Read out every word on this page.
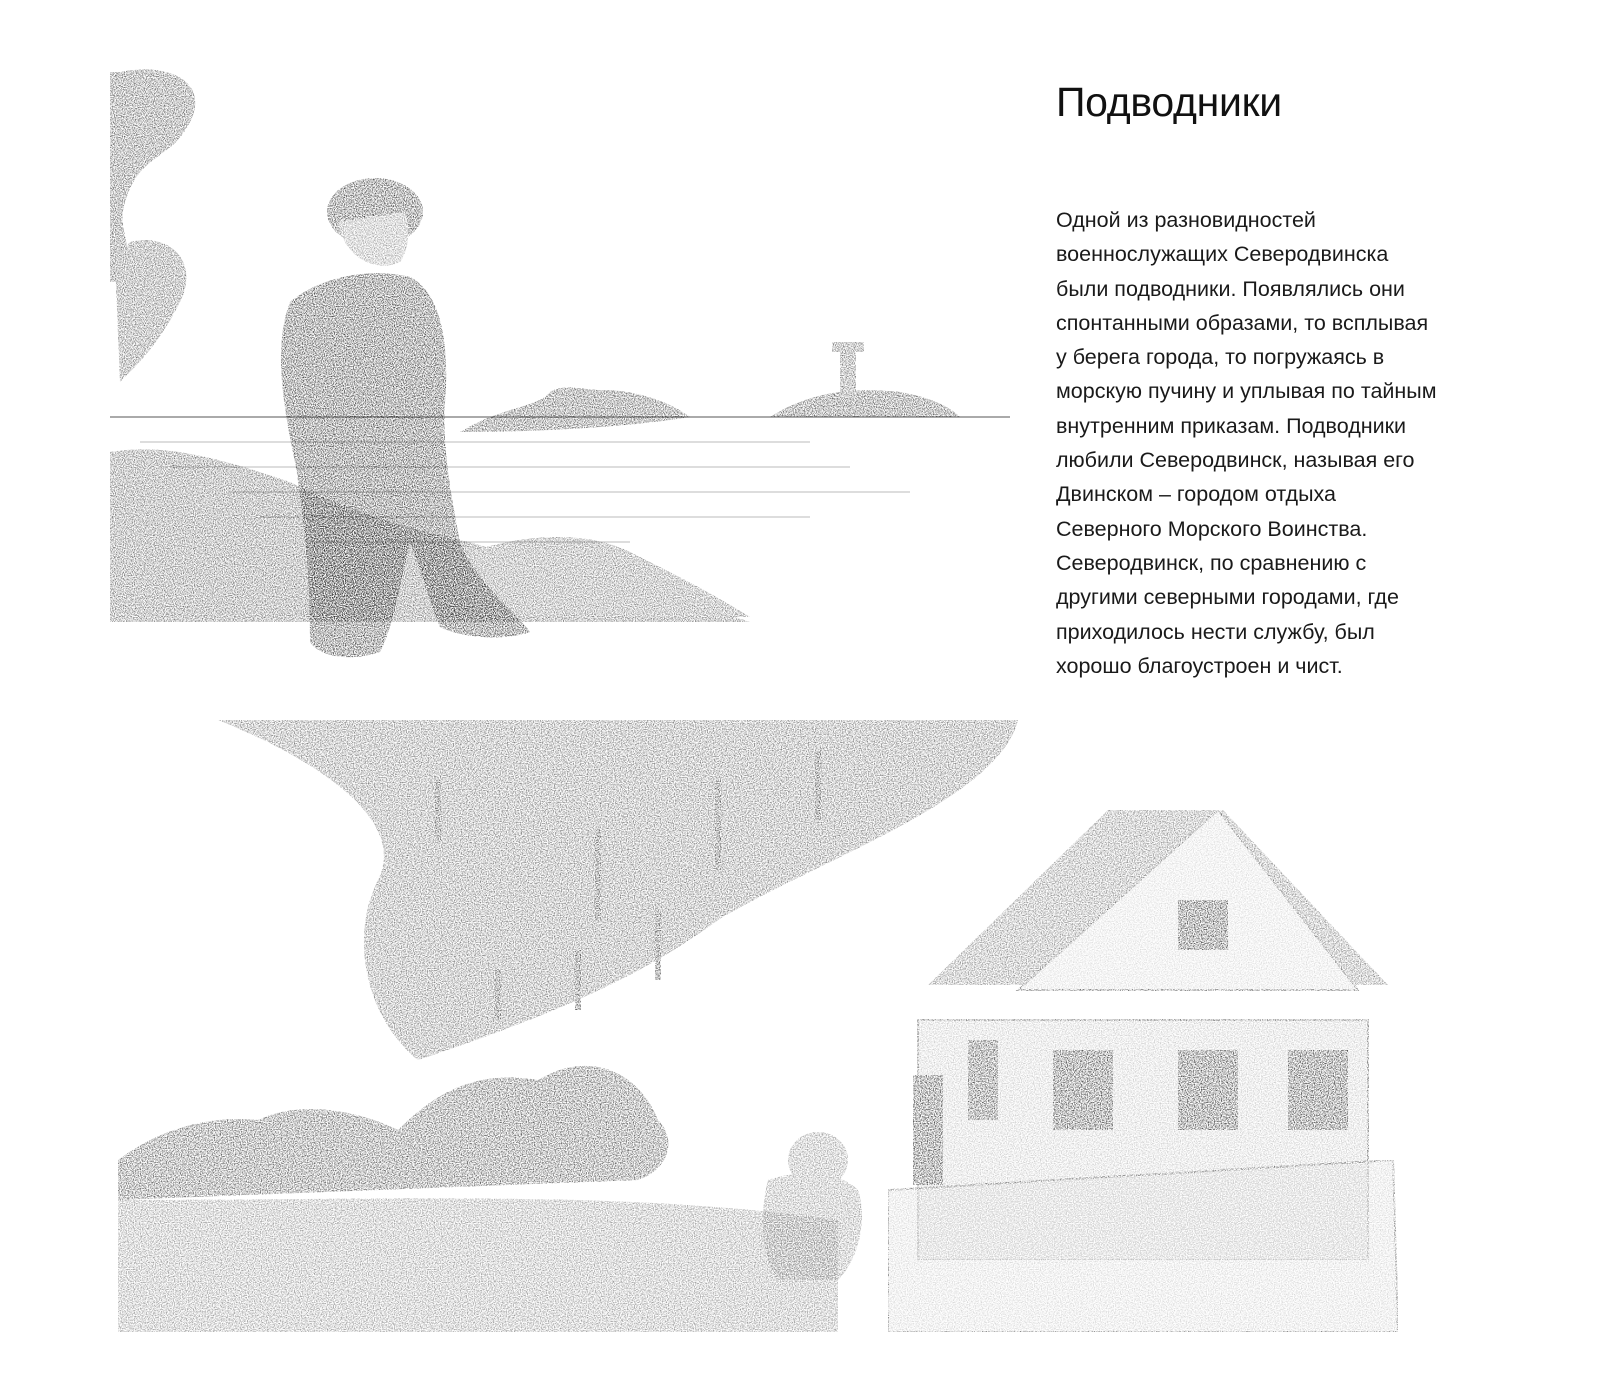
Подводники
Одной из разновидностей
военнослужащих Северодвинска
были подводники. Появлялись они
спонтанными образами, то всплывая
у берега города, то погружаясь в
морскую пучину и уплывая по тайным
внутренним приказам. Подводники
любили Северодвинск, называя его
Двинском – городом отдыха
Северного Морского Воинства.
Северодвинск, по сравнению с
другими северными городами, где
приходилось нести службу, был
хорошо благоустроен и чист.
